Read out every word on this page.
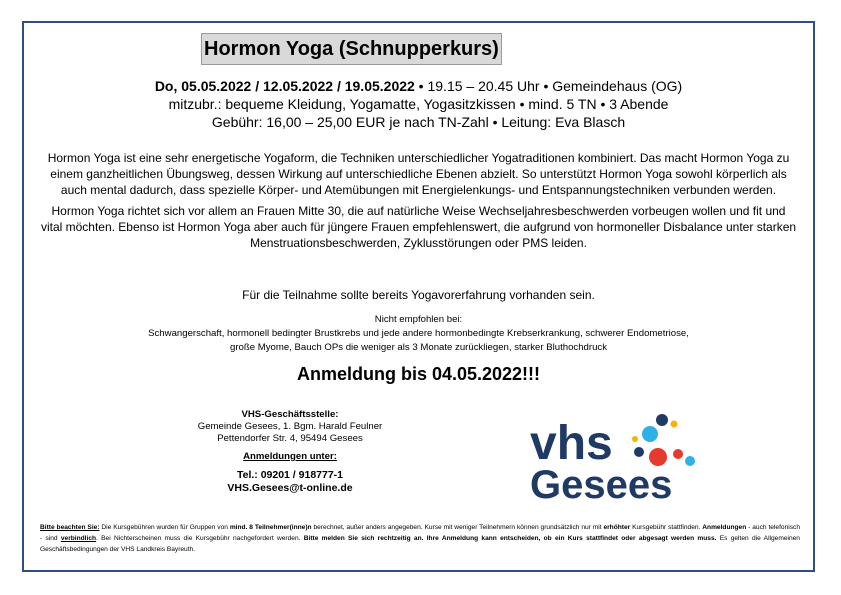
Hormon Yoga (Schnupperkurs)
Do, 05.05.2022 / 12.05.2022 / 19.05.2022 • 19.15 – 20.45 Uhr • Gemeindehaus (OG)
mitzubr.: bequeme Kleidung, Yogamatte, Yogasitzkissen • mind. 5 TN • 3 Abende
Gebühr: 16,00 – 25,00 EUR je nach TN-Zahl • Leitung: Eva Blasch

Hormon Yoga ist eine sehr energetische Yogaform, die Techniken unterschiedlicher Yogatraditionen kombiniert. Das macht Hormon Yoga zu einem ganzheitlichen Übungsweg, dessen Wirkung auf unterschiedliche Ebenen abzielt. So unterstützt Hormon Yoga sowohl körperlich als auch mental dadurch, dass spezielle Körper- und Atemübungen mit Energielenkungs- und Entspannungstechniken verbunden werden.

Hormon Yoga richtet sich vor allem an Frauen Mitte 30, die auf natürliche Weise Wechseljahresbeschwerden vorbeugen wollen und fit und vital möchten. Ebenso ist Hormon Yoga aber auch für jüngere Frauen empfehlenswert, die aufgrund von hormoneller Disbalance unter starken Menstruationsbeschwerden, Zyklusstörungen oder PMS leiden.

Für die Teilnahme sollte bereits Yogavorerfahrung vorhanden sein.
Nicht empfohlen bei:
Schwangerschaft, hormonell bedingter Brustkrebs und jede andere hormonbedingte Krebserkrankung, schwerer Endometriose,
große Myome, Bauch OPs die weniger als 3 Monate zurückliegen, starker Bluthochdruck
Anmeldung bis 04.05.2022!!!
VHS-Geschäftsstelle:
Gemeinde Gesees, 1. Bgm. Harald Feulner
Pettendorfer Str. 4, 95494 Gesees
Anmeldungen unter:
Tel.: 09201 / 918777-1
VHS.Gesees@t-online.de
vhs
Gesees
Bitte beachten Sie: Die Kursgebühren wurden für Gruppen von mind. 8 Teilnehmer(inne)n berechnet, außer anders angegeben. Kurse mit weniger Teilnehmern können grundsätzlich nur mit erhöhter Kursgebühr stattfinden. Anmeldungen - auch telefonisch - sind verbindlich. Bei Nichterscheinen muss die Kursgebühr nachgefordert werden. Bitte melden Sie sich rechtzeitig an. Ihre Anmeldung kann entscheiden, ob ein Kurs stattfindet oder abgesagt werden muss. Es gelten die Allgemeinen Geschäftsbedingungen der VHS Landkreis Bayreuth.
